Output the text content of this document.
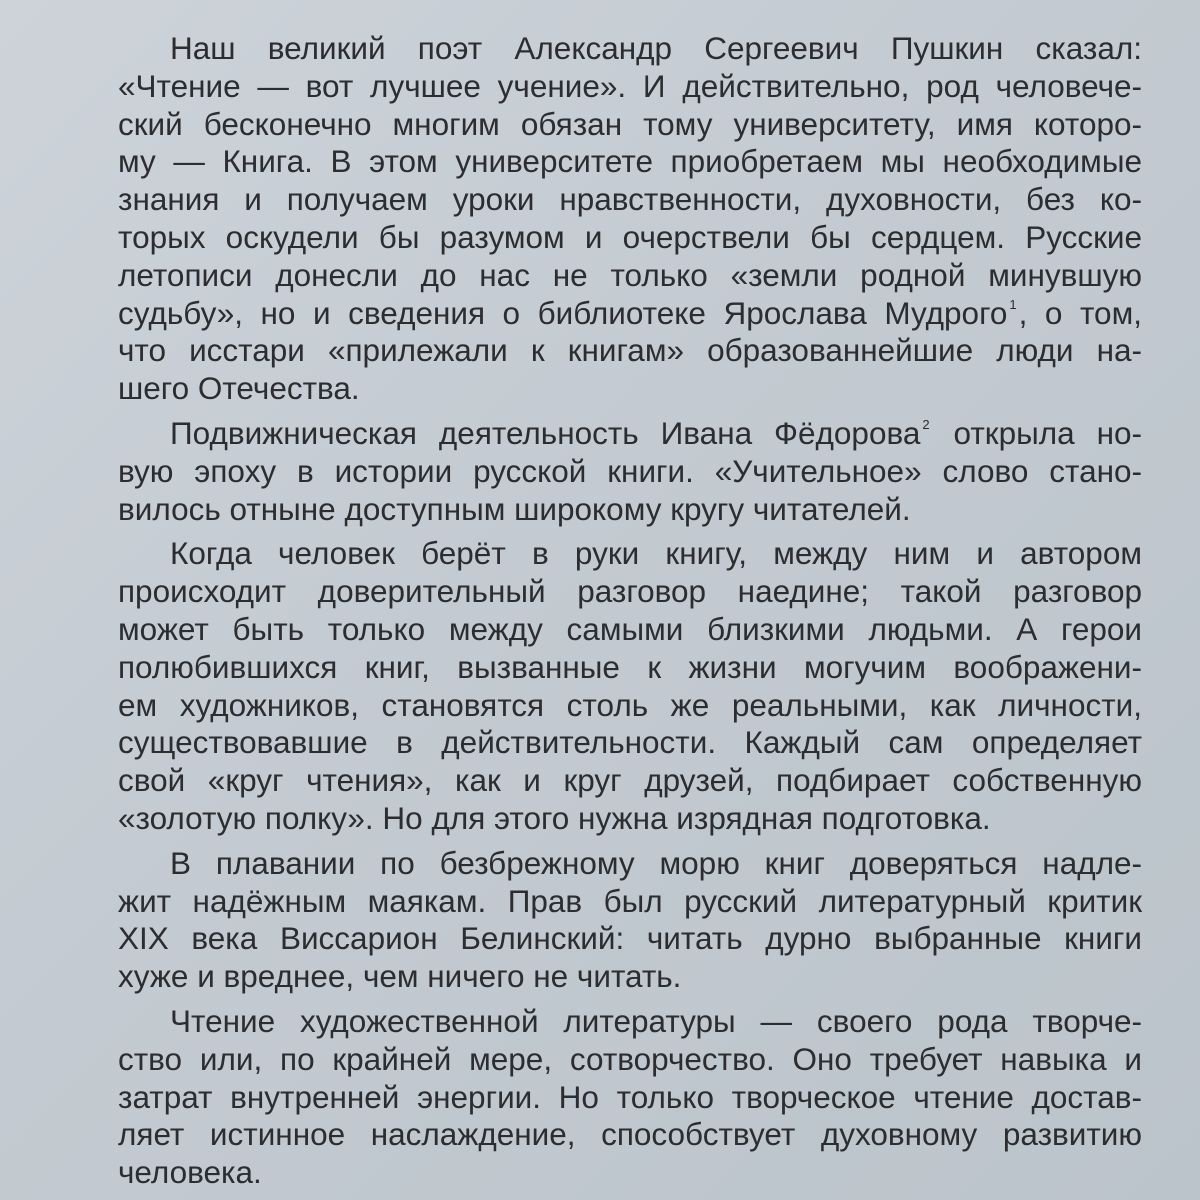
Наш великий поэт Александр Сергеевич Пушкин сказал:
«Чтение — вот лучшее учение». И действительно, род человече-
ский бесконечно многим обязан тому университету, имя которо-
му — Книга. В этом университете приобретаем мы необходимые
знания и получаем уроки нравственности, духовности, без ко-
торых оскудели бы разумом и очерствели бы сердцем. Русские
летописи донесли до нас не только «земли родной минувшую
судьбу», но и сведения о библиотеке Ярослава Мудрого $^1$, о том,
что исстари «прилежали к книгам» образованнейшие люди на-
шего Отечества.
Подвижническая деятельность Ивана Фёдорова $^2$ открыла но-
вую эпоху в истории русской книги. «Учительное» слово стано-
вилось отныне доступным широкому кругу читателей.
Когда человек берёт в руки книгу, между ним и автором
происходит доверительный разговор наедине; такой разговор
может быть только между самыми близкими людьми. А герои
полюбившихся книг, вызванные к жизни могучим воображени-
ем художников, становятся столь же реальными, как личности,
существовавшие в действительности. Каждый сам определяет
свой «круг чтения», как и круг друзей, подбирает собственную
«золотую полку». Но для этого нужна изрядная подготовка.
В плавании по безбрежному морю книг доверяться надле-
жит надёжным маякам. Прав был русский литературный критик
XIX века Виссарион Белинский: читать дурно выбранные книги
хуже и вреднее, чем ничего не читать.
Чтение художественной литературы — своего рода творче-
ство или, по крайней мере, сотворчество. Оно требует навыка и
затрат внутренней энергии. Но только творческое чтение достав-
ляет истинное наслаждение, способствует духовному развитию
человека.
